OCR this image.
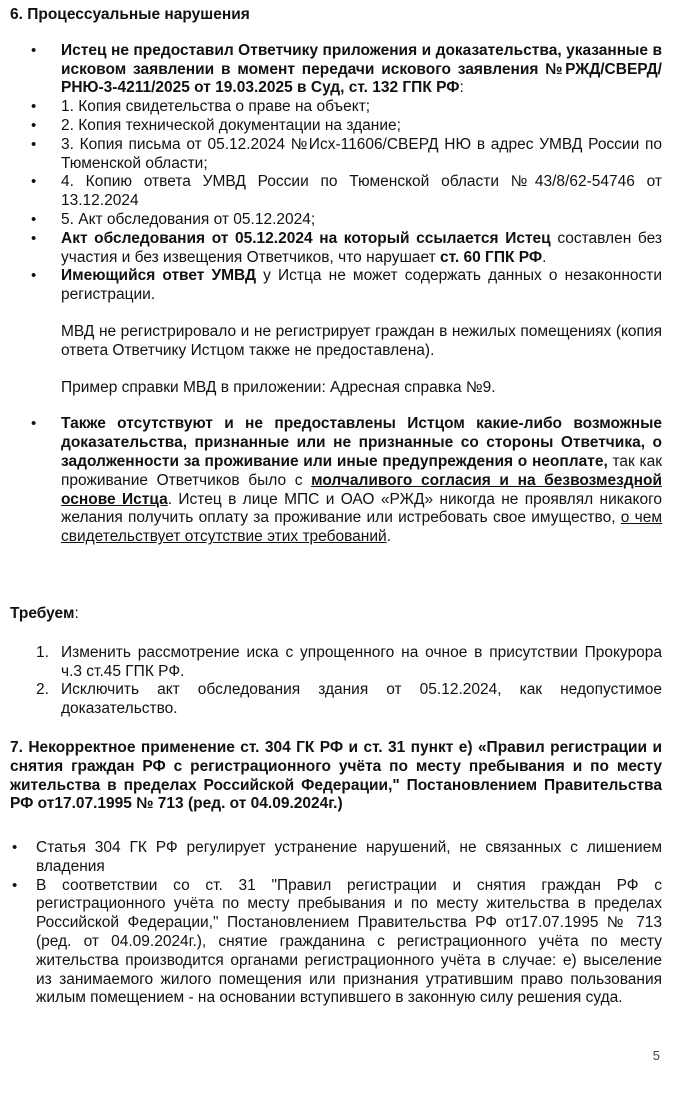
6. Процессуальные нарушения
• Истец не предоставил Ответчику приложения и доказательства, указанные в исковом заявлении в момент передачи искового заявления №РЖД/СВЕРД/РНЮ-3-4211/2025 от 19.03.2025 в Суд, ст. 132 ГПК РФ:
• 1. Копия свидетельства о праве на объект;
• 2. Копия технической документации на здание;
• 3. Копия письма от 05.12.2024 №Исх-11606/СВЕРД НЮ в адрес УМВД России по Тюменской области;
• 4. Копию ответа УМВД России по Тюменской области №43/8/62-54746 от 13.12.2024
• 5. Акт обследования от 05.12.2024;
• Акт обследования от 05.12.2024 на который ссылается Истец составлен без участия и без извещения Ответчиков, что нарушает ст. 60 ГПК РФ.

• Имеющийся ответ УМВД у Истца не может содержать данных о незаконности регистрации.

МВД не регистрировало и не регистрирует граждан в нежилых помещениях (копия ответа Ответчику Истцом также не предоставлена).

Пример справки МВД в приложении: Адресная справка №9.

• Также отсутствуют и не предоставлены Истцом какие-либо возможные доказательства, признанные или не признанные со стороны Ответчика, о задолженности за проживание или иные предупреждения о неоплате, так как проживание Ответчиков было с молчаливого согласия и на безвозмездной основе Истца. Истец в лице МПС и ОАО «РЖД» никогда не проявлял никакого желания получить оплату за проживание или истребовать свое имущество, о чем свидетельствует отсутствие этих требований.
Требуем:
1. Изменить рассмотрение иска с упрощенного на очное в присутствии Прокурора ч.3 ст.45 ГПК РФ.
2. Исключить акт обследования здания от 05.12.2024, как недопустимое доказательство.
7. Некорректное применение ст. 304 ГК РФ и ст. 31 пункт е) «Правил регистрации и снятия граждан РФ с регистрационного учёта по месту пребывания и по месту жительства в пределах Российской Федерации," Постановлением Правительства РФ от17.07.1995 № 713 (ред. от 04.09.2024г.)
• Статья 304 ГК РФ регулирует устранение нарушений, не связанных с лишением владения
• В соответствии со ст. 31 "Правил регистрации и снятия граждан РФ с регистрационного учёта по месту пребывания и по месту жительства в пределах Российской Федерации," Постановлением Правительства РФ от17.07.1995 № 713 (ред. от 04.09.2024г.), снятие гражданина с регистрационного учёта по месту жительства производится органами регистрационного учёта в случае: е) выселение из занимаемого жилого помещения или признания утратившим право пользования жилым помещением - на основании вступившего в законную силу решения суда.
5
